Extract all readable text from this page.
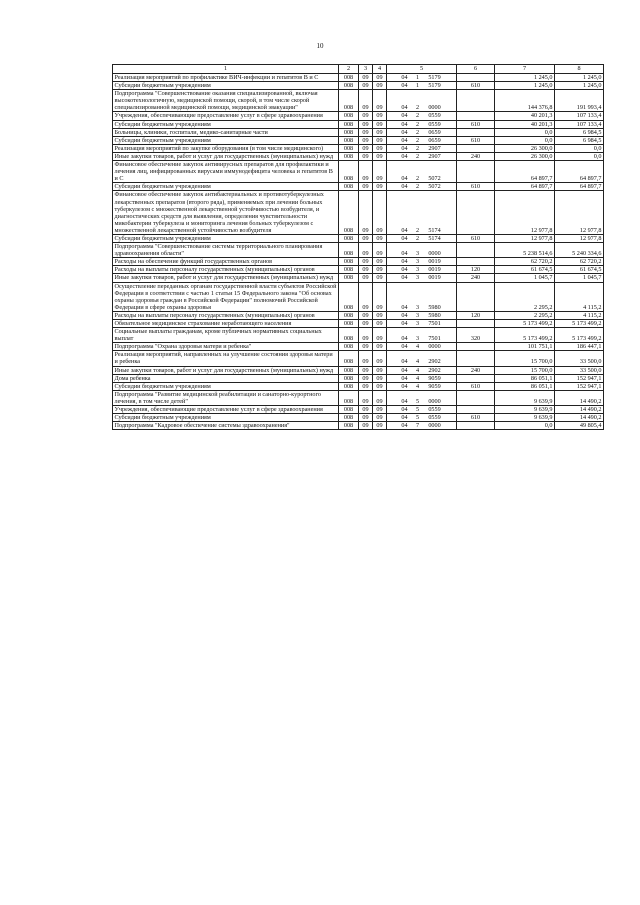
10
1	2	3	4	5	6	7	8
Реализация мероприятий по профилактике ВИЧ-инфекции и гепатитов В и С	008	09	09	04 1 5179		1 245,0	1 245,0
Субсидии бюджетным учреждениям	008	09	09	04 1 5179	610	1 245,0	1 245,0
Подпрограмма "Совершенствование оказания специализированной, включая высокотехнологичную, медицинской помощи, скорой, в том числе скорой специализированной медицинской помощи, медицинской эвакуации"	008	09	09	04 2 0000		144 376,8	191 993,4
Учреждения, обеспечивающие предоставление услуг в сфере здравоохранения	008	09	09	04 2 0559		40 201,3	107 133,4
Субсидии бюджетным учреждениям	008	09	09	04 2 0559	610	40 201,3	107 133,4
Больницы, клиники, госпитали, медико-санитарные части	008	09	09	04 2 0659		0,0	6 984,5
Субсидии бюджетным учреждениям	008	09	09	04 2 0659	610	0,0	6 984,5
Реализация мероприятий по закупке оборудования (в том числе медицинского)	008	09	09	04 2 2907		26 300,0	0,0
Иные закупки товаров, работ и услуг для государственных (муниципальных) нужд	008	09	09	04 2 2907	240	26 300,0	0,0
Финансовое обеспечение закупок антивирусных препаратов для профилактики и лечения лиц, инфицированных вирусами иммунодефицита человека и гепатитов В и С	008	09	09	04 2 5072		64 897,7	64 897,7
Субсидии бюджетным учреждениям	008	09	09	04 2 5072	610	64 897,7	64 897,7
Финансовое обеспечение закупок антибактериальных и противотуберкулезных лекарственных препаратов (второго ряда), применяемых при лечении больных туберкулезом с множественной лекарственной устойчивостью возбудителя, и диагностических средств для выявления, определения чувствительности микобактерии туберкулеза и мониторинга лечения больных туберкулезом с множественной лекарственной устойчивостью возбудителя	008	09	09	04 2 5174		12 977,8	12 977,8
Субсидии бюджетным учреждениям	008	09	09	04 2 5174	610	12 977,8	12 977,8
Подпрограмма "Совершенствование системы территориального планирования здравоохранения области"	008	09	09	04 3 0000		5 238 514,6	5 240 334,6
Расходы на обеспечение функций государственных органов	008	09	09	04 3 0019		62 720,2	62 720,2
Расходы на выплаты персоналу государственных (муниципальных) органов	008	09	09	04 3 0019	120	61 674,5	61 674,5
Иные закупки товаров, работ и услуг для государственных (муниципальных) нужд	008	09	09	04 3 0019	240	1 045,7	1 045,7
Осуществление переданных органам государственной власти субъектов Российской Федерации в соответствии с частью 1 статьи 15 Федерального закона "Об основах охраны здоровья граждан в Российской Федерации" полномочий Российской Федерации в сфере охраны здоровья	008	09	09	04 3 5980		2 295,2	4 115,2
Расходы на выплаты персоналу государственных (муниципальных) органов	008	09	09	04 3 5980	120	2 295,2	4 115,2
Обязательное медицинское страхование неработающего населения	008	09	09	04 3 7501		5 173 499,2	5 173 499,2
Социальные выплаты гражданам, кроме публичных нормативных социальных выплат	008	09	09	04 3 7501	320	5 173 499,2	5 173 499,2
Подпрограмма "Охрана здоровья матери и ребенка"	008	09	09	04 4 0000		101 751,1	186 447,1
Реализация мероприятий, направленных на улучшение состояния здоровья матери и ребенка	008	09	09	04 4 2902		15 700,0	33 500,0
Иные закупки товаров, работ и услуг для государственных (муниципальных) нужд	008	09	09	04 4 2902	240	15 700,0	33 500,0
Дома ребенка	008	09	09	04 4 9059		86 051,1	152 947,1
Субсидии бюджетным учреждениям	008	09	09	04 4 9059	610	86 051,1	152 947,1
Подпрограмма "Развитие медицинской реабилитации и санаторно-курортного лечения, в том числе детей"	008	09	09	04 5 0000		9 639,9	14 490,2
Учреждения, обеспечивающие предоставление услуг в сфере здравоохранения	008	09	09	04 5 0559		9 639,9	14 490,2
Субсидии бюджетным учреждениям	008	09	09	04 5 0559	610	9 639,9	14 490,2
Подпрограмма "Кадровое обеспечение системы здравоохранения"	008	09	09	04 7 0000		0,0	49 805,4
